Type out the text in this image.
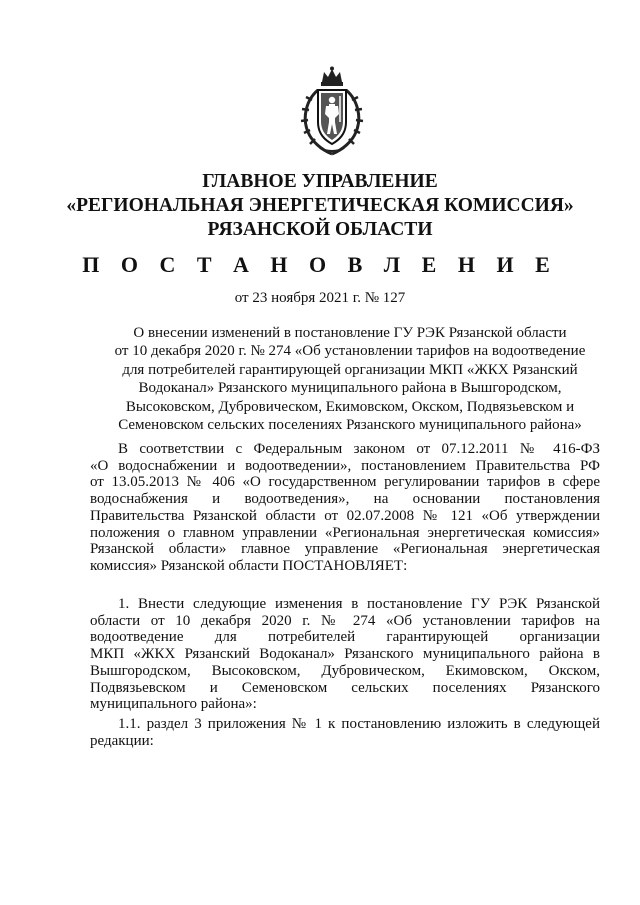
ГЛАВНОЕ УПРАВЛЕНИЕ
«РЕГИОНАЛЬНАЯ ЭНЕРГЕТИЧЕСКАЯ КОМИССИЯ»
РЯЗАНСКОЙ ОБЛАСТИ
П О С Т А Н О В Л Е Н И Е
от 23 ноября 2021 г. № 127
О внесении изменений в постановление ГУ РЭК Рязанской области
от 10 декабря 2020 г. № 274 «Об установлении тарифов на водоотведение
для потребителей гарантирующей организации МКП «ЖКХ Рязанский
Водоканал» Рязанского муниципального района в Вышгородском,
Высоковском, Дубровическом, Екимовском, Окском, Подвязьевском и
Семеновском сельских поселениях Рязанского муниципального района»
В соответствии с Федеральным законом от 07.12.2011 № 416-ФЗ
«О водоснабжении и водоотведении», постановлением Правительства РФ
от 13.05.2013 № 406 «О государственном регулировании тарифов в сфере
водоснабжения и водоотведения», на основании постановления
Правительства Рязанской области от 02.07.2008 № 121 «Об утверждении
положения о главном управлении «Региональная энергетическая комиссия»
Рязанской области» главное управление «Региональная энергетическая
комиссия» Рязанской области ПОСТАНОВЛЯЕТ:
1. Внести следующие изменения в постановление ГУ РЭК Рязанской
области от 10 декабря 2020 г. № 274 «Об установлении тарифов на
водоотведение для потребителей гарантирующей организации
МКП «ЖКХ Рязанский Водоканал» Рязанского муниципального района в
Вышгородском, Высоковском, Дубровическом, Екимовском, Окском,
Подвязьевском и Семеновском сельских поселениях Рязанского
муниципального района»:
1.1. раздел 3 приложения № 1 к постановлению изложить в следующей
редакции:
